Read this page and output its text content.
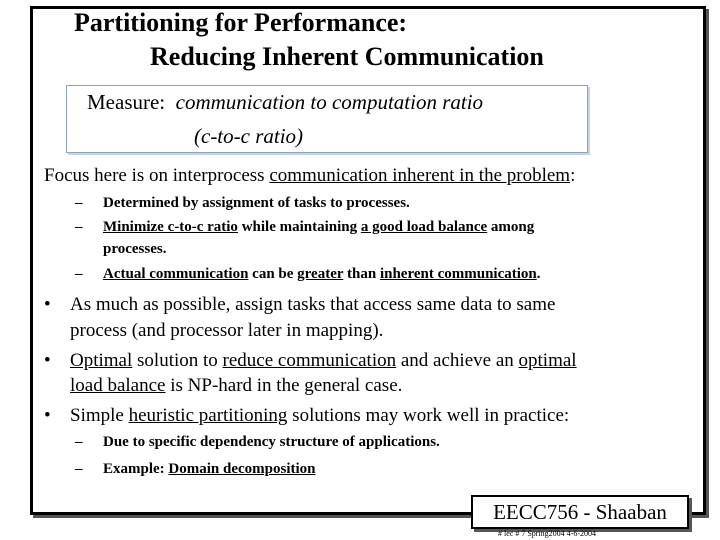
Partitioning for Performance:
Reducing Inherent Communication
Measure: communication to computation ratio
(c-to-c ratio)
Focus here is on interprocess communication inherent in the problem:
– Determined by assignment of tasks to processes.
– Minimize c-to-c ratio while maintaining a good load balance among
processes.
– Actual communication can be greater than inherent communication.
• As much as possible, assign tasks that access same data to same
process (and processor later in mapping).
• Optimal solution to reduce communication and achieve an optimal
load balance is NP-hard in the general case.
• Simple heuristic partitioning solutions may work well in practice:
– Due to specific dependency structure of applications.
– Example: Domain decomposition
EECC756 - Shaaban
# lec # 7 Spring2004 4-6-2004
